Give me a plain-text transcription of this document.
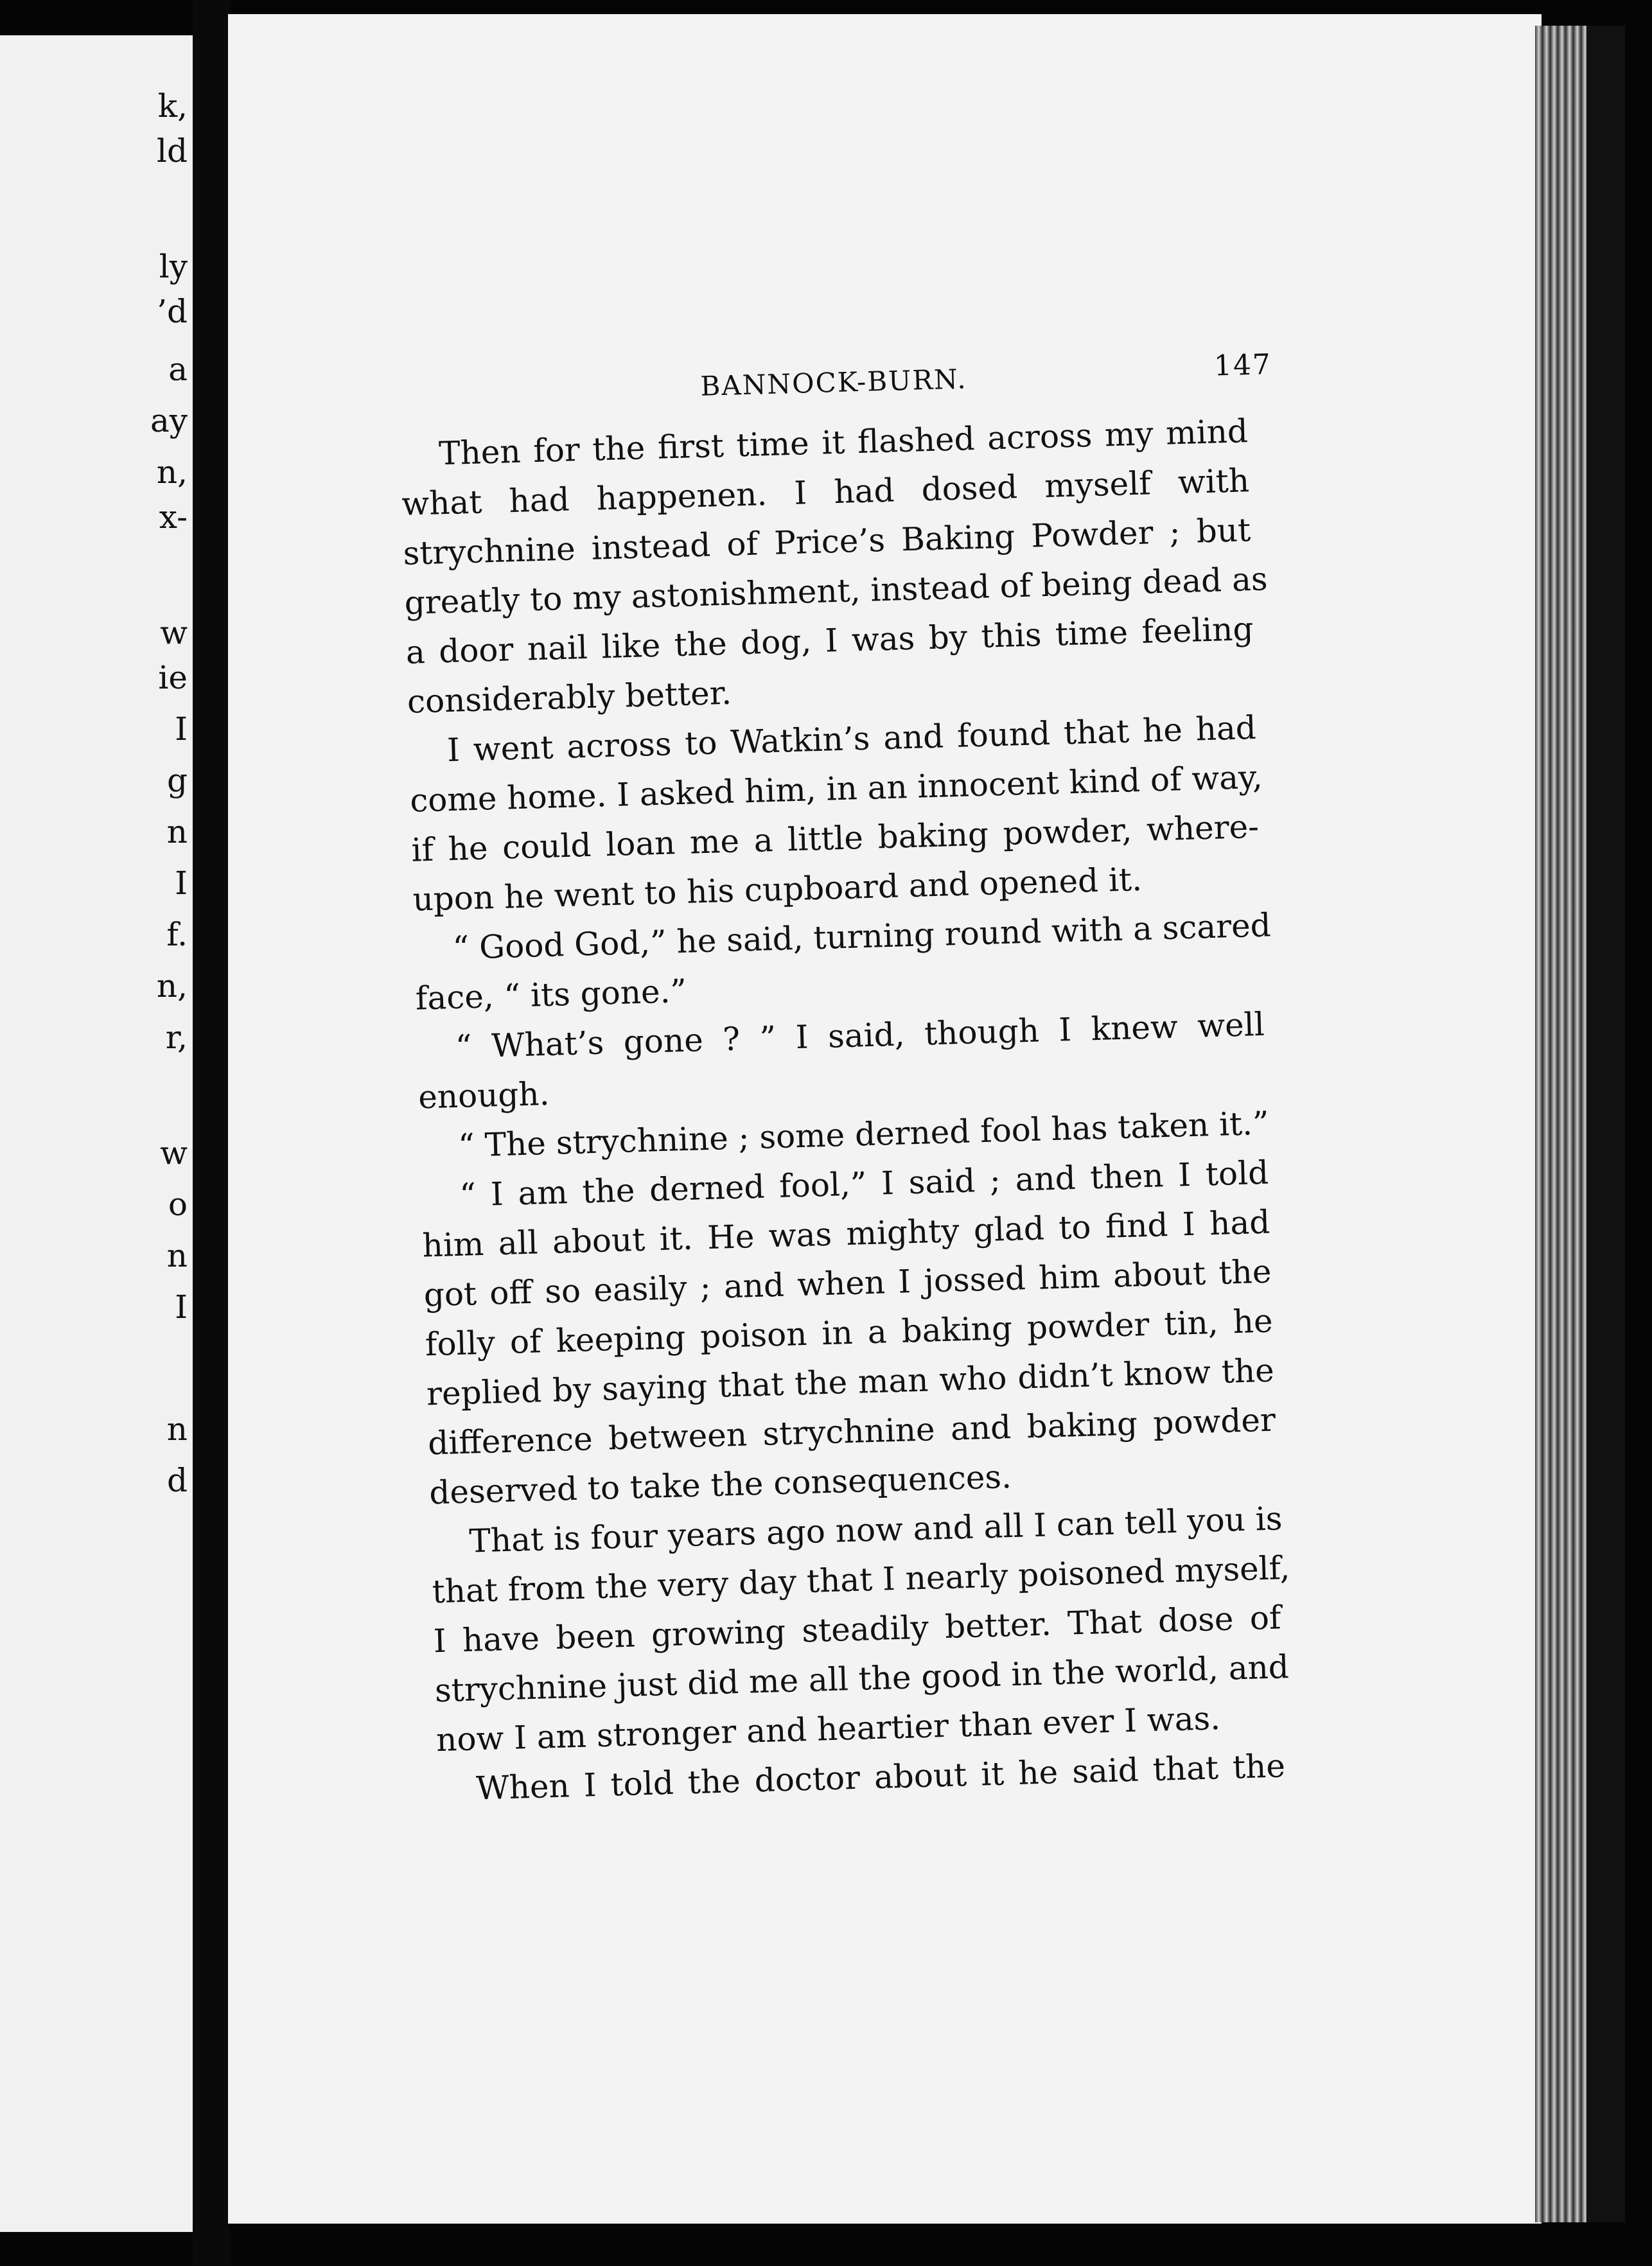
k,
ld
ly
’d
a
ay
n,
x-
w
ie
I
g
n
I
f.
n,
r,
w
o
n
I
n
d
BANNOCK-BURN.	147
Then for the first time it flashed across my mind
what had happenen. I had dosed myself with
strychnine instead of Price’s Baking Powder ; but
greatly to my astonishment, instead of being dead as
a door nail like the dog, I was by this time feeling
considerably better.
I went across to Watkin’s and found that he had
come home. I asked him, in an innocent kind of way,
if he could loan me a little baking powder, where-
upon he went to his cupboard and opened it.
“ Good God,” he said, turning round with a scared
face, “ its gone.”
“ What’s gone ? ” I said, though I knew well
enough.
“ The strychnine ; some derned fool has taken it.”
“ I am the derned fool,” I said ; and then I told
him all about it. He was mighty glad to find I had
got off so easily ; and when I jossed him about the
folly of keeping poison in a baking powder tin, he
replied by saying that the man who didn’t know the
difference between strychnine and baking powder
deserved to take the consequences.
That is four years ago now and all I can tell you is
that from the very day that I nearly poisoned myself,
I have been growing steadily better. That dose of
strychnine just did me all the good in the world, and
now I am stronger and heartier than ever I was.
When I told the doctor about it he said that the
